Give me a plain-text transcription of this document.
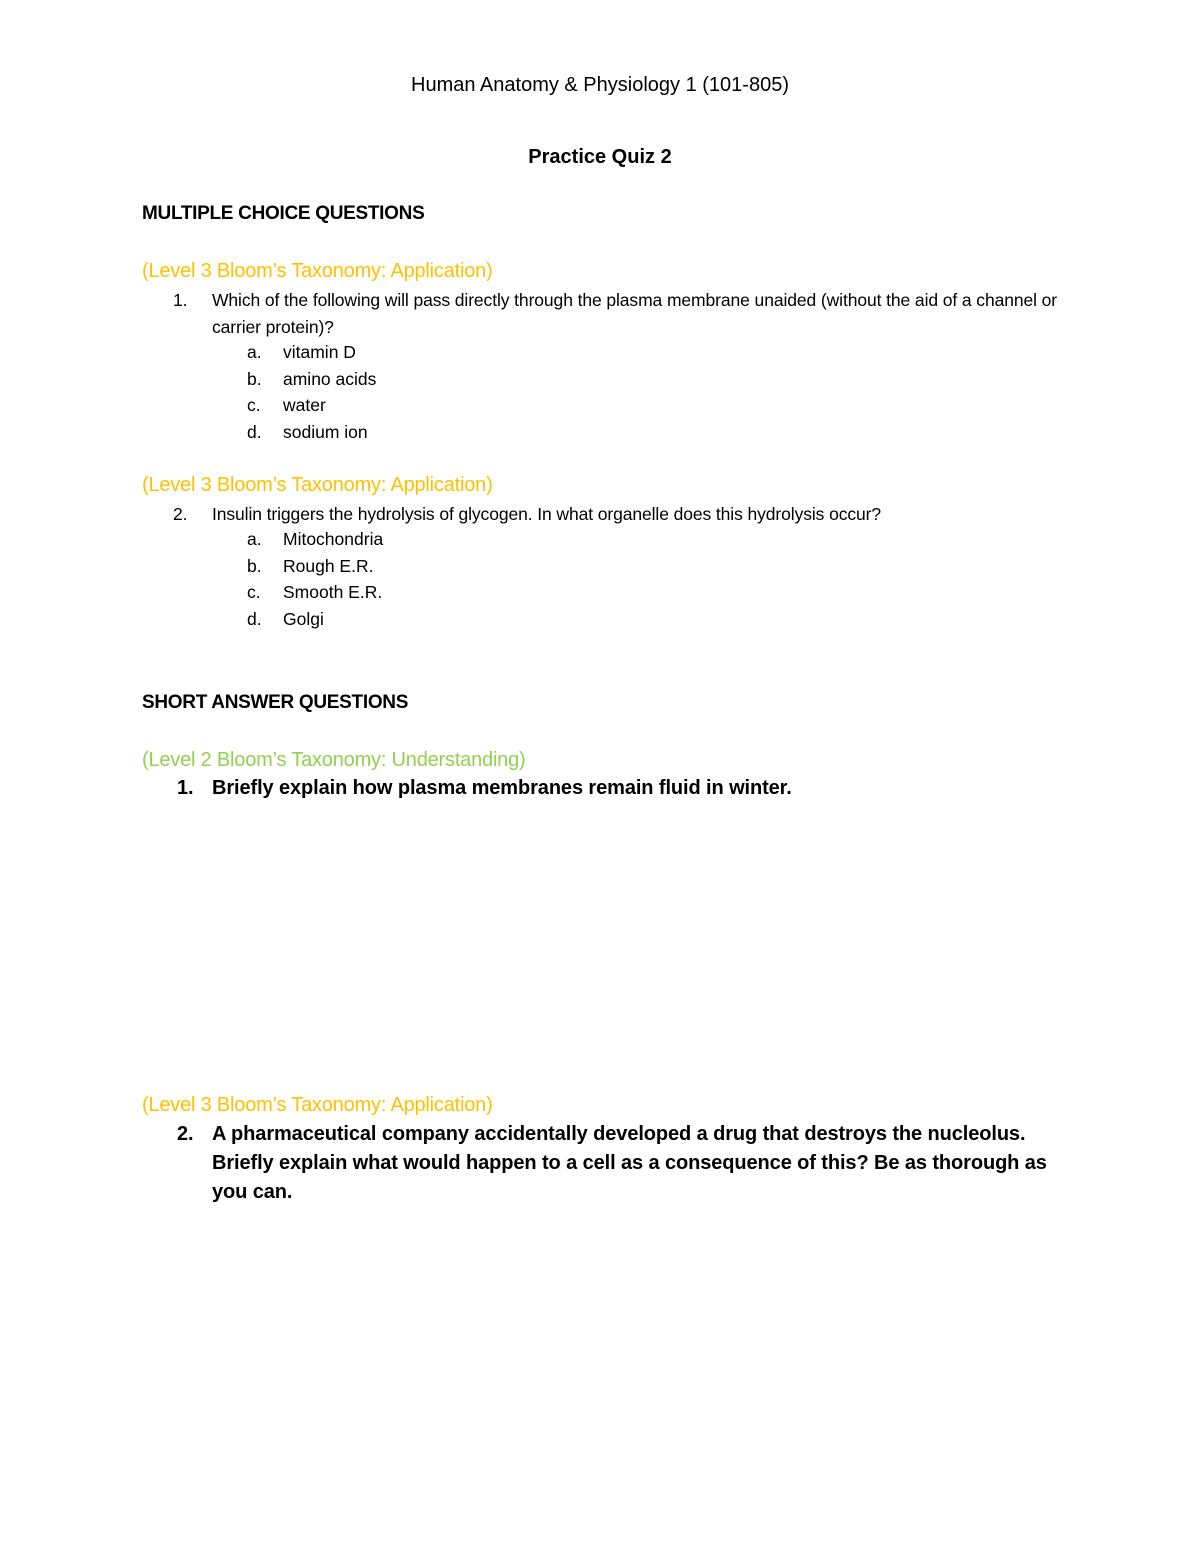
Human Anatomy & Physiology 1 (101-805)
Practice Quiz 2
MULTIPLE CHOICE QUESTIONS
(Level 3 Bloom’s Taxonomy: Application)
1.	Which of the following will pass directly through the plasma membrane unaided (without the aid of a channel or carrier protein)?
a.	vitamin D
b.	amino acids
c.	water
d.	sodium ion
(Level 3 Bloom’s Taxonomy: Application)
2.	Insulin triggers the hydrolysis of glycogen. In what organelle does this hydrolysis occur?
a.	Mitochondria
b.	Rough E.R.
c.	Smooth E.R.
d.	Golgi
SHORT ANSWER QUESTIONS
(Level 2 Bloom’s Taxonomy: Understanding)
1. Briefly explain how plasma membranes remain fluid in winter.
(Level 3 Bloom’s Taxonomy: Application)
2. A pharmaceutical company accidentally developed a drug that destroys the nucleolus. Briefly explain what would happen to a cell as a consequence of this? Be as thorough as you can.
